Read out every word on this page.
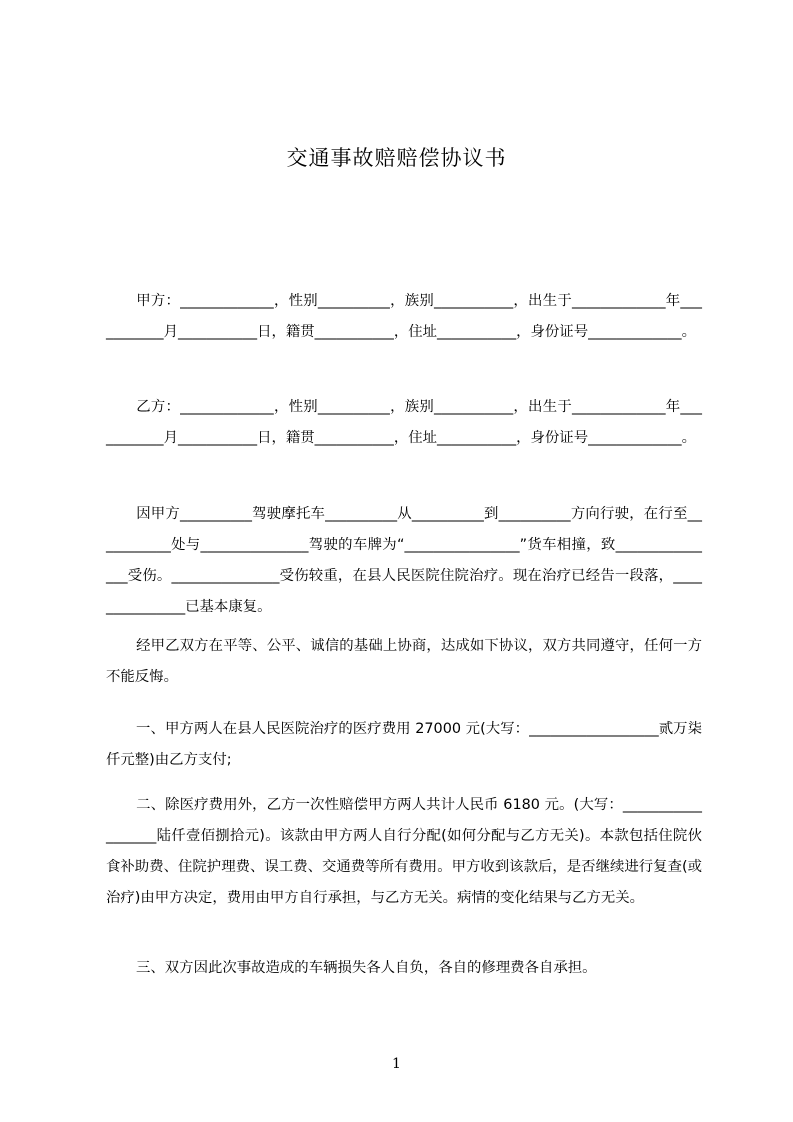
交通事故赔赔偿协议书

甲方：_____________，性别__________，族别___________，出生于_____________年___________月___________日，籍贯___________，住址___________，身份证号_____________。

乙方：_____________，性别__________，族别___________，出生于_____________年___________月___________日，籍贯___________，住址___________，身份证号_____________。

因甲方__________驾驶摩托车__________从__________到__________方向行驶，在行至___________处与_______________驾驶的车牌为“________________”货车相撞，致_______________受伤。_______________受伤较重，在县人民医院住院治疗。现在治疗已经告一段落，_______________已基本康复。

经甲乙双方在平等、公平、诚信的基础上协商，达成如下协议，双方共同遵守，任何一方不能反悔。

一、甲方两人在县人民医院治疗的医疗费用 27000 元(大写：__________________贰万柒仟元整)由乙方支付;

二、除医疗费用外，乙方一次性赔偿甲方两人共计人民币 6180 元。(大写：__________________陆仟壹佰捌拾元)。该款由甲方两人自行分配(如何分配与乙方无关)。本款包括住院伙食补助费、住院护理费、误工费、交通费等所有费用。甲方收到该款后，是否继续进行复查(或治疗)由甲方决定，费用由甲方自行承担，与乙方无关。病情的变化结果与乙方无关。

三、双方因此次事故造成的车辆损失各人自负，各自的修理费各自承担。

1
